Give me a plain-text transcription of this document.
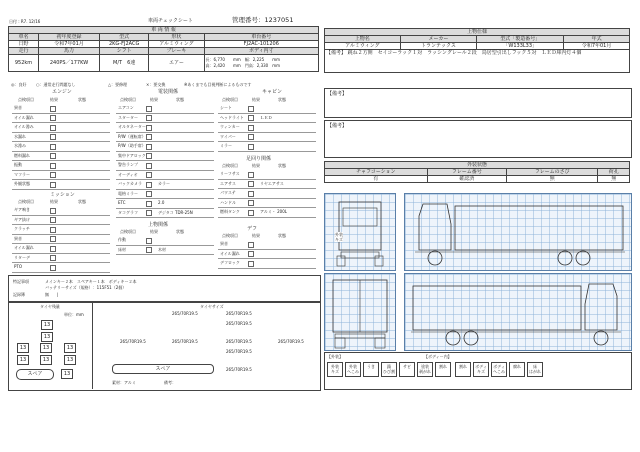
日付 : R7. 12/16	車両チェックシート	管理番号：1237051
車 両 情 報				
車名	初年度登録	型式	形状	車台番号
日野	令和7年01月	2KG-FJ2ACG	アルミウィング	FJ2AC-101206
走行	馬力	シフト	ブレーキ	ボディ内寸
952km	240PS／177KW	M/T　6速	エアー	長：6,770　　mm　幅：2,225　　mm
高：2,420　　mm　門高：2,330　mm
上物仕様			
上物名	メーカー	型式「製造番号」	年式
アルミウィング	トランテックス	「W133L33」	令和7年01月
【備考】 跳ね２方開　セイコーラック１対　ラッシングレール２段　鳥居型引出しフック５対　ＬＥＤ庫内灯４個			
【備考】
【備考】
◎：良好 ○：通常走行問題なし	△：要修理	×：要交換	※あくまでも目視判断によるものです
エンジン
点検項目	結果	状態
異音
オイル漏れ
オイル滲み
水漏れ
水滲み
燃料漏れ
振動
マフラー
外観状態
ミッション
点検項目	結果	状態
ギア鳴き
ギア抜け
クラッチ
異音
オイル漏れ
リターデ
PTO
電装関係
点検項目	結果	状態
エアコン
スターター
オルタネーター
P/W（運転席）
P/W（助手席）
集中ドアロック
警告ランプ
オーディオ
バックカメラ	カラー
電格ミラー
ETC	2.0
タコグラフ	デジタコ TDR-25N
上物関係
点検項目	結果	状態
作動
床材	木材
キャビン
点検項目	結果	状態
シート
ヘッドライト	ＬＥＤ
ウィンカー
ワイパー
ミラー
足回り関係
点検項目	結果	状態
リーフサス
エアサス	リヤエアサス
パワステ
ハンドル
燃料タンク	アルミ・ 200L
デフ
点検項目	結果	状態
異音
オイル漏れ
デフロック
特記事項	メインキー２本　スペアキー１本　ボディキー２本
バッテリーサイズ（規格）：115F51（2個）
記録簿	無　　|
タイヤ残量
単位：mm
タイヤサイズ
13
13
13
13
13
13
13
13
スペア	13
265/70R19.5	265/70R19.5
265/70R19.5
265/70R19.5	265/70R19.5	265/70R19.5	265/70R19.5
265/70R19.5
スペア	265/70R19.5
素材：アルミ	備考：
外装状態			
チャフコーション	フレーム番号	フレームのさび	荷孔
有	確認済	無	無
外装
キズ
【外装】	【ボディー内】
外装
キズ
外装
へこみ
うき	錆
ひび割
サビ	塗装
剥がれ
割れ	割れ	ボディ
キズ
ボディ
へこみ
腐れ	床
はがれ
